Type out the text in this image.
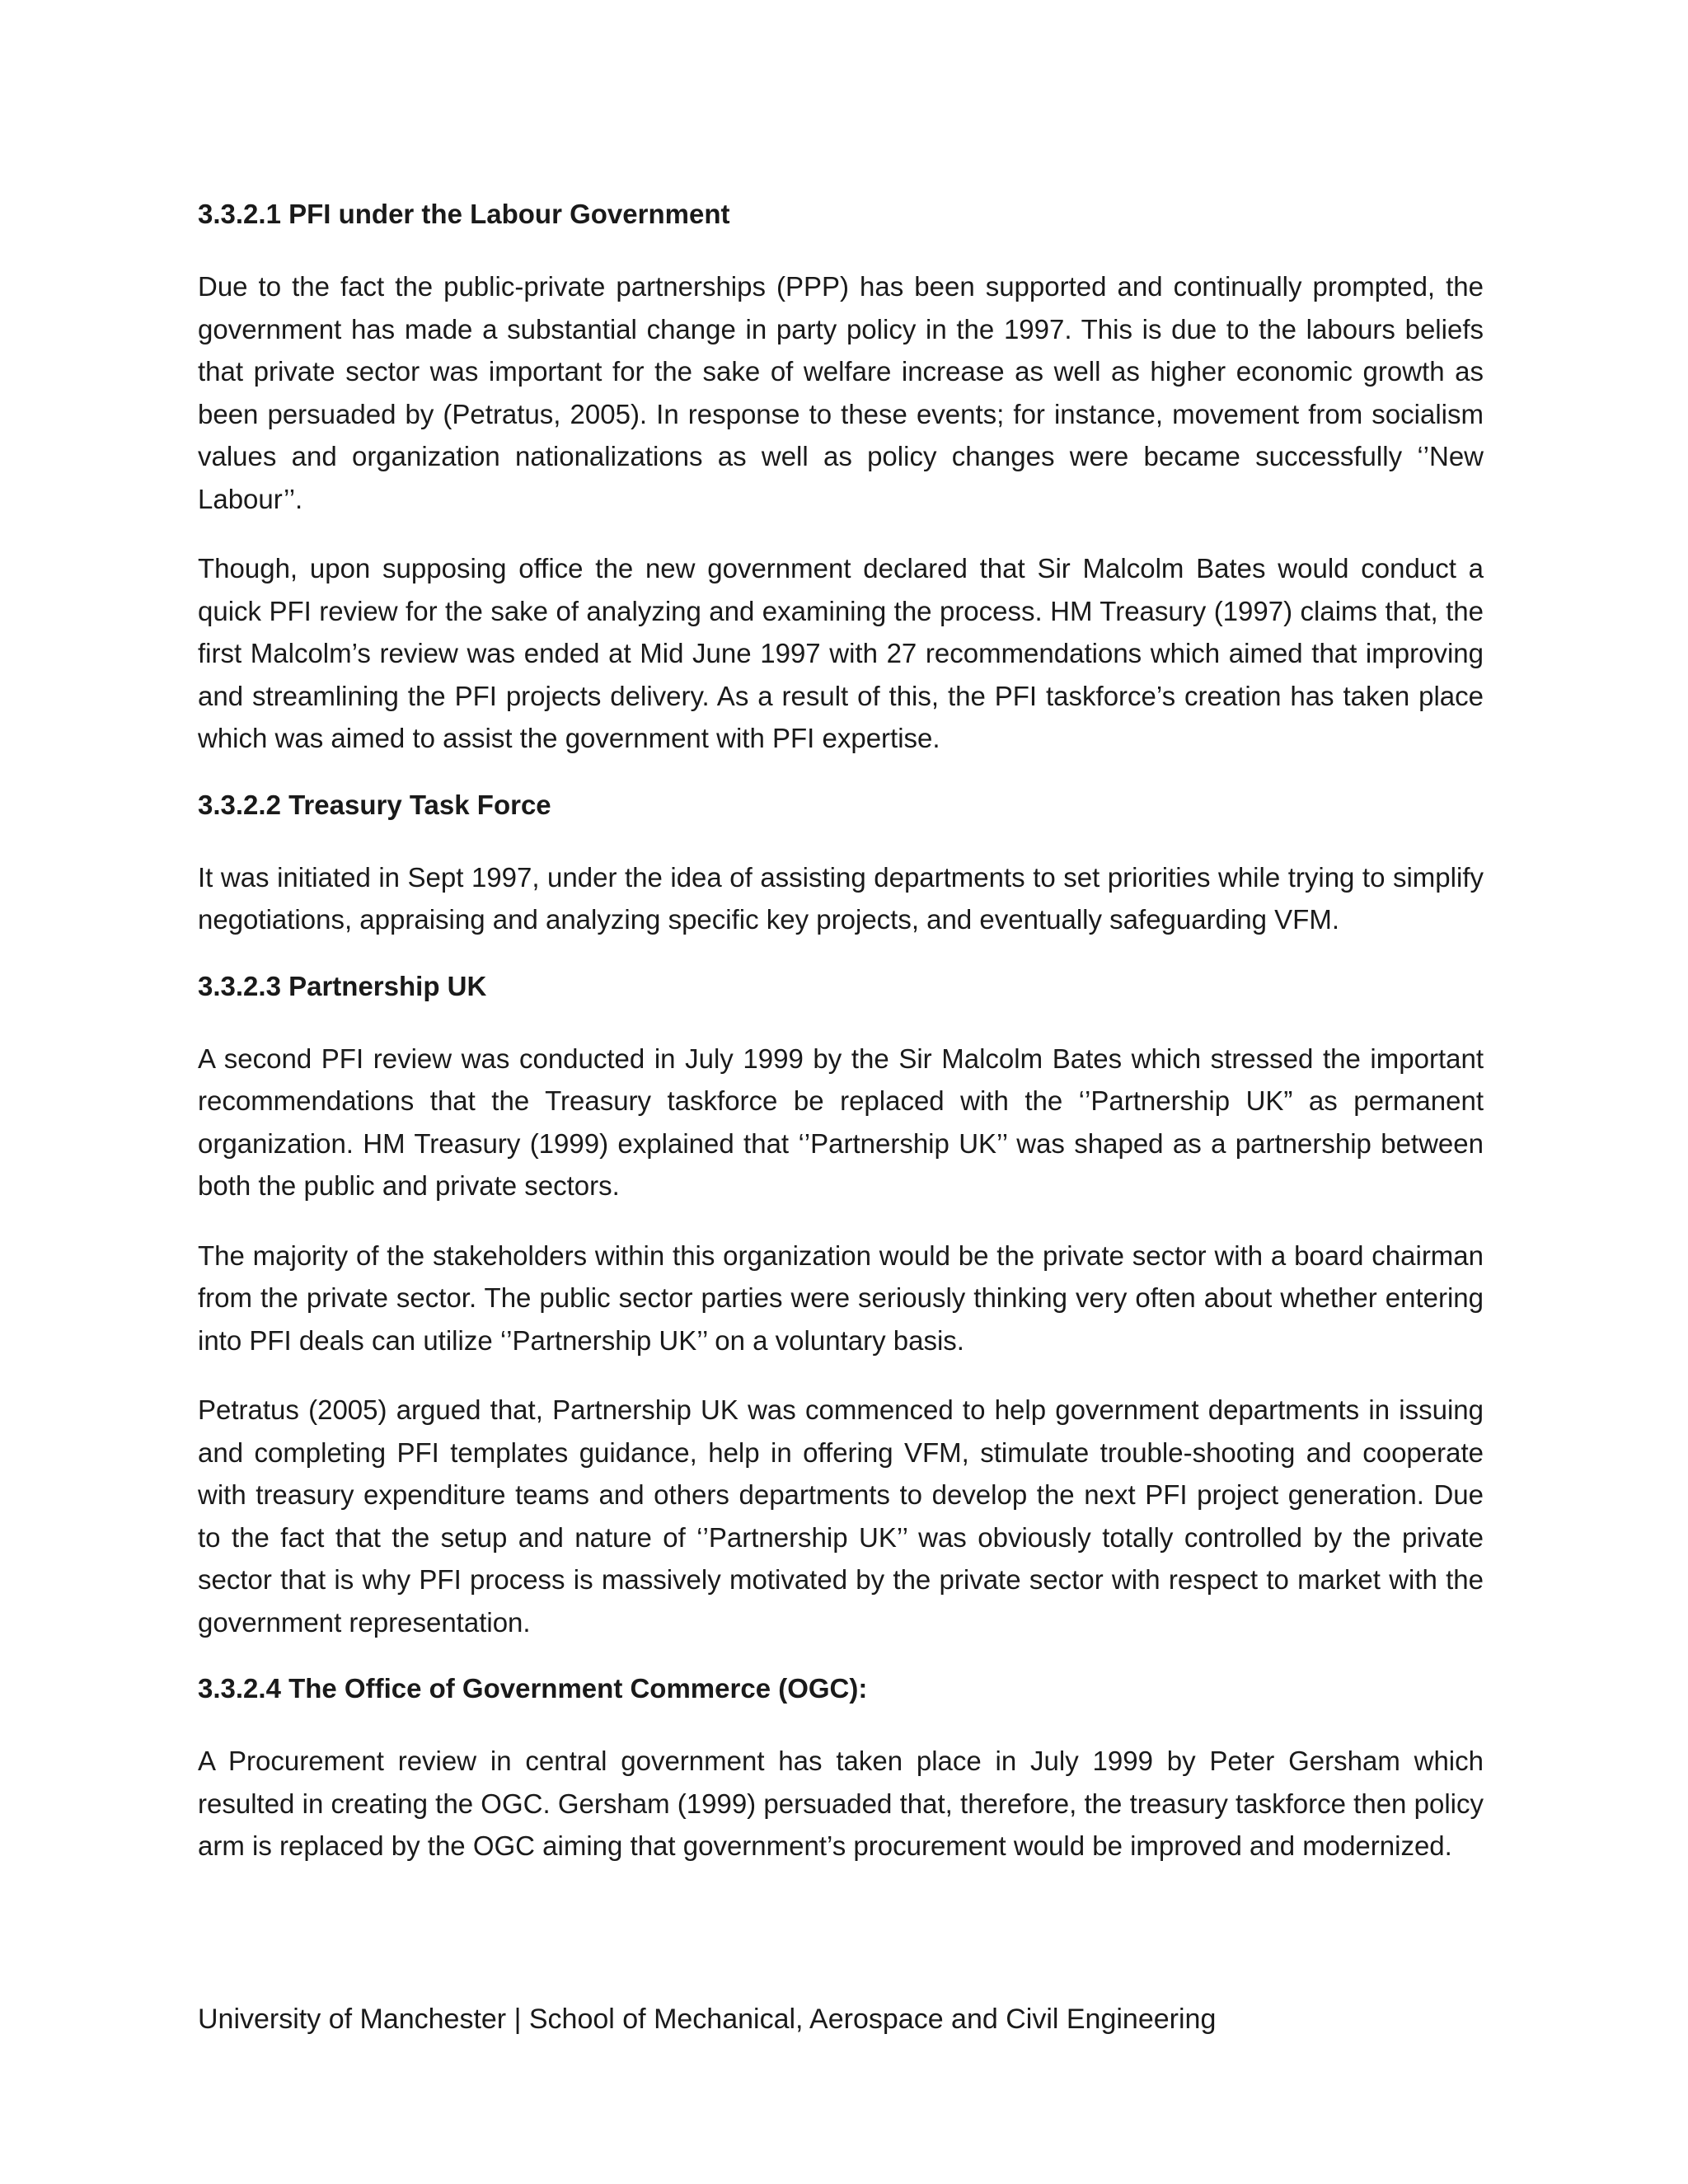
3.3.2.1 PFI under the Labour Government

Due to the fact the public-private partnerships (PPP) has been supported and continually prompted, the government has made a substantial change in party policy in the 1997. This is due to the labours beliefs that private sector was important for the sake of welfare increase as well as higher economic growth as been persuaded by (Petratus, 2005). In response to these events; for instance, movement from socialism values and organization nationalizations as well as policy changes were became successfully ‘’New Labour’’.

Though, upon supposing office the new government declared that Sir Malcolm Bates would conduct a quick PFI review for the sake of analyzing and examining the process. HM Treasury (1997) claims that, the first Malcolm’s review was ended at Mid June 1997 with 27 recommendations which aimed that improving and streamlining the PFI projects delivery. As a result of this, the PFI taskforce’s creation has taken place which was aimed to assist the government with PFI expertise.

3.3.2.2 Treasury Task Force

It was initiated in Sept 1997, under the idea of assisting departments to set priorities while trying to simplify negotiations, appraising and analyzing specific key projects, and eventually safeguarding VFM.

3.3.2.3 Partnership UK

A second PFI review was conducted in July 1999 by the Sir Malcolm Bates which stressed the important recommendations that the Treasury taskforce be replaced with the ‘’Partnership UK” as permanent organization. HM Treasury (1999) explained that ‘’Partnership UK’’ was shaped as a partnership between both the public and private sectors.

The majority of the stakeholders within this organization would be the private sector with a board chairman from the private sector. The public sector parties were seriously thinking very often about whether entering into PFI deals can utilize ‘’Partnership UK’’ on a voluntary basis.

Petratus (2005) argued that, Partnership UK was commenced to help government departments in issuing and completing PFI templates guidance, help in offering VFM, stimulate trouble-shooting and cooperate with treasury expenditure teams and others departments to develop the next PFI project generation. Due to the fact that the setup and nature of ‘’Partnership UK’’ was obviously totally controlled by the private sector that is why PFI process is massively motivated by the private sector with respect to market with the government representation.

3.3.2.4 The Office of Government Commerce (OGC):

A Procurement review in central government has taken place in July 1999 by Peter Gersham which resulted in creating the OGC. Gersham (1999) persuaded that, therefore, the treasury taskforce then policy arm is replaced by the OGC aiming that government’s procurement would be improved and modernized.

University of Manchester | School of Mechanical, Aerospace and Civil Engineering
